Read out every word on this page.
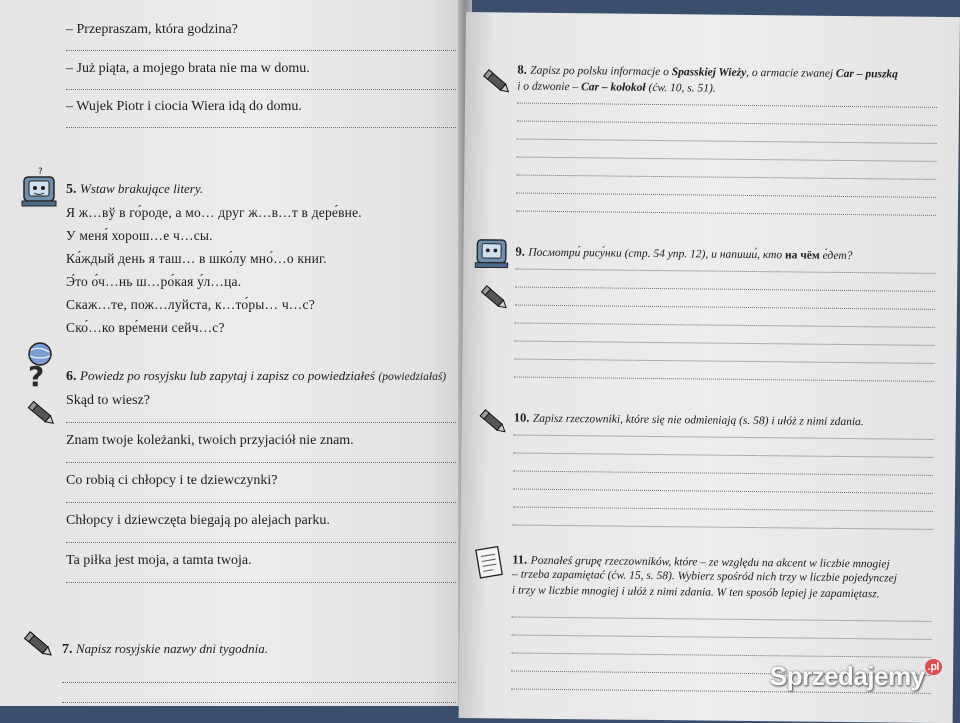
– Przepraszam, która godzina?
– Już piąta, a mojego brata nie ma w domu.
– Wujek Piotr i ciocia Wiera idą do domu.
?
5. Wstaw brakujące litery.
Я ж…вў в го́роде, а мо… друг ж…в…т в дере́вне.
У меня́ хорош…е ч…сы.
Ка́ждый день я таш… в шко́лу мно́…о книг.
Э́то о́ч…нь ш…ро́кая у́л…ца.
Скаж…те, пож…луйста, к…то́ры… ч…с?
Ско́…ко вре́мени сейч…с?
? 6. Powiedz po rosyjsku lub zapytaj i zapisz co powiedziałeś (powiedziałaś)
Skąd to wiesz?
Znam twoje koleżanki, twoich przyjaciół nie znam.
Co robią ci chłopcy i te dziewczynki?
Chłopcy i dziewczęta biegają po alejach parku.
Ta piłka jest moja, a tamta twoja.
7. Napisz rosyjskie nazwy dni tygodnia.
8. Zapisz po polsku informacje o Spasskiej Wieży, o armacie zwanej Car – puszką
i o dzwonie – Car – kołokoł (ćw. 10, s. 51).
9. Посмотри́ рису́нки (стр. 54 упр. 12), и напиши́, кто на чём е́дет?
10. Zapisz rzeczowniki, które się nie odmieniają (s. 58) i ułóż z nimi zdania.
11. Poznałeś grupę rzeczowników, które – ze względu na akcent w liczbie mnogiej
– trzeba zapamiętać (ćw. 15, s. 58). Wybierz spośród nich trzy w liczbie pojedynczej
i trzy w liczbie mnogiej i ułóż z nimi zdania. W ten sposób lepiej je zapamiętasz.
Sprzedajemy $^{.pl}$
